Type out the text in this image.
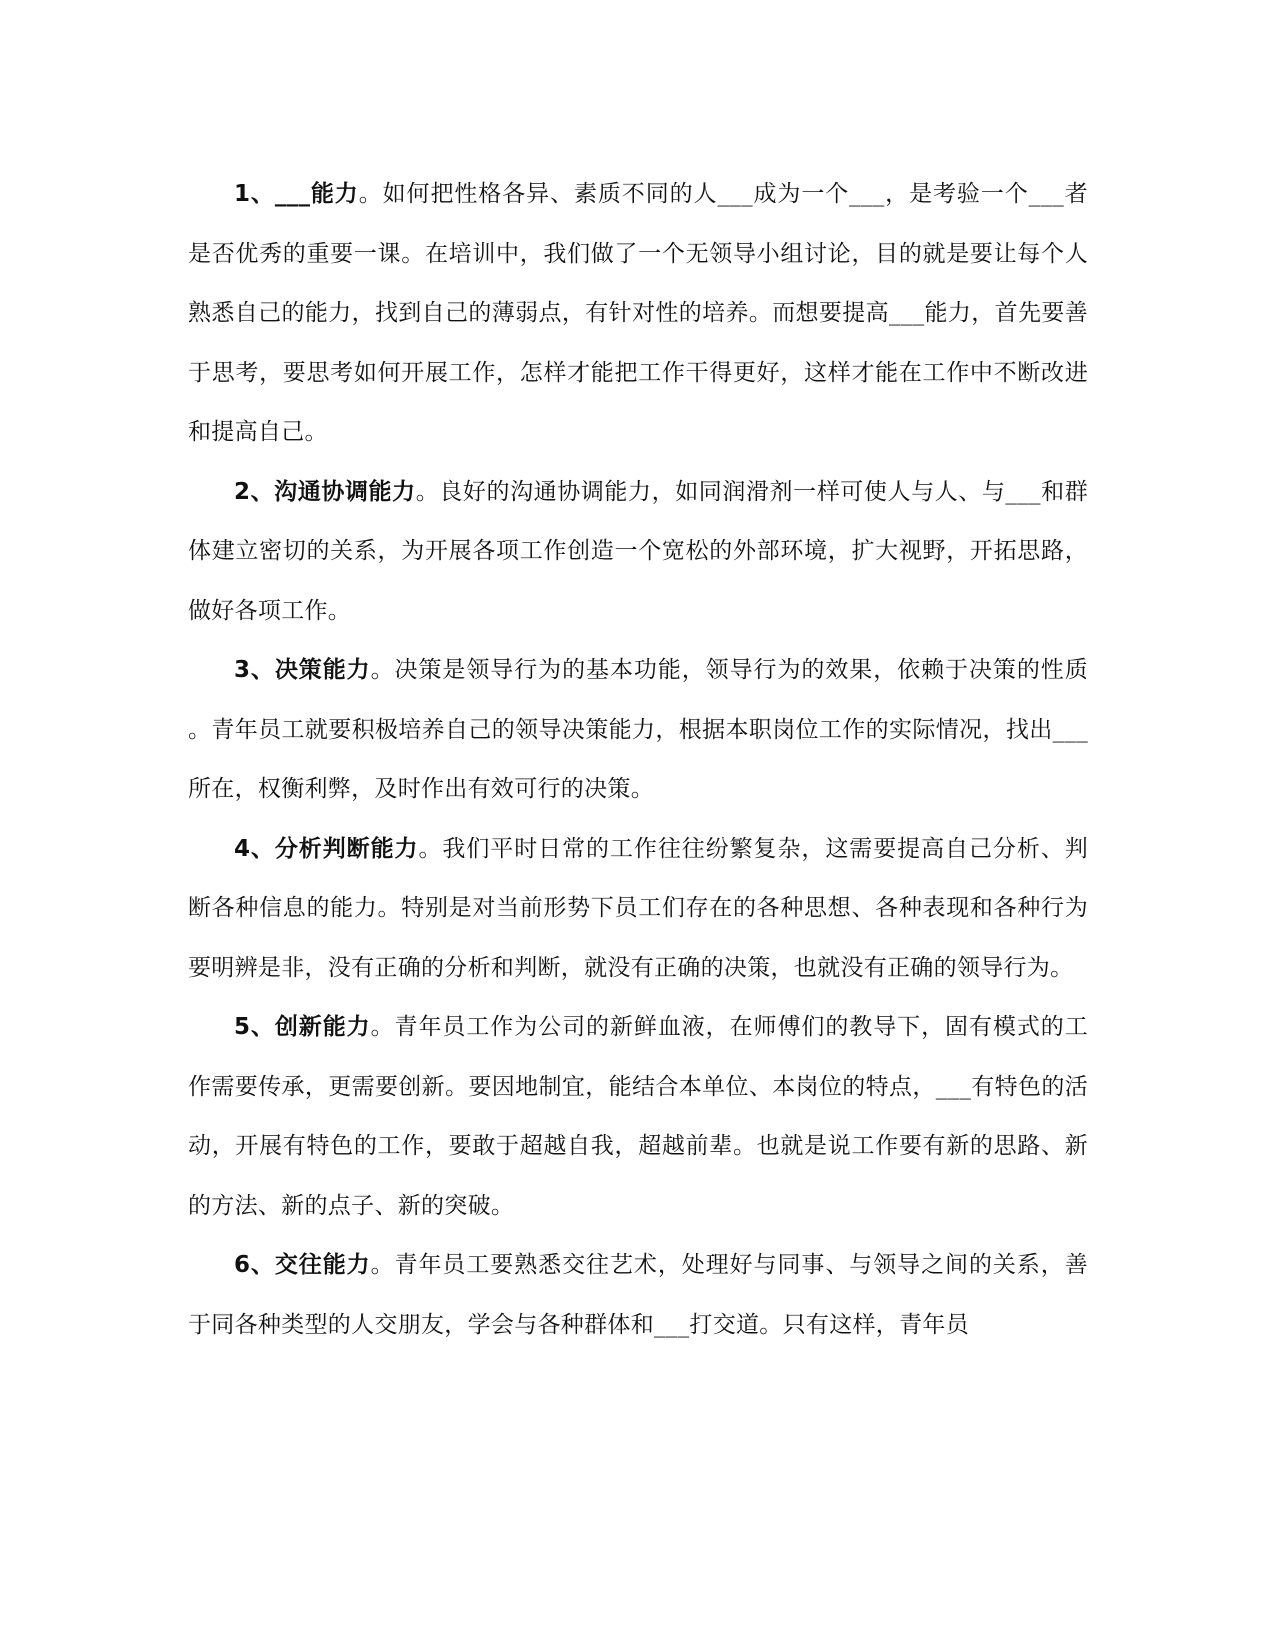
1、___能力。如何把性格各异、素质不同的人___成为一个___，是考验一个___者是否优秀的重要一课。在培训中，我们做了一个无领导小组讨论，目的就是要让每个人熟悉自己的能力，找到自己的薄弱点，有针对性的培养。而想要提高___能力，首先要善于思考，要思考如何开展工作，怎样才能把工作干得更好，这样才能在工作中不断改进和提高自己。

2、沟通协调能力。良好的沟通协调能力，如同润滑剂一样可使人与人、与___和群体建立密切的关系，为开展各项工作创造一个宽松的外部环境，扩大视野，开拓思路，做好各项工作。

3、决策能力。决策是领导行为的基本功能，领导行为的效果，依赖于决策的性质。青年员工就要积极培养自己的领导决策能力，根据本职岗位工作的实际情况，找出___所在，权衡利弊，及时作出有效可行的决策。

4、分析判断能力。我们平时日常的工作往往纷繁复杂，这需要提高自己分析、判断各种信息的能力。特别是对当前形势下员工们存在的各种思想、各种表现和各种行为要明辨是非，没有正确的分析和判断，就没有正确的决策，也就没有正确的领导行为。

5、创新能力。青年员工作为公司的新鲜血液，在师傅们的教导下，固有模式的工作需要传承，更需要创新。要因地制宜，能结合本单位、本岗位的特点，___有特色的活动，开展有特色的工作，要敢于超越自我，超越前辈。也就是说工作要有新的思路、新的方法、新的点子、新的突破。

6、交往能力。青年员工要熟悉交往艺术，处理好与同事、与领导之间的关系，善于同各种类型的人交朋友，学会与各种群体和___打交道。只有这样，青年员
